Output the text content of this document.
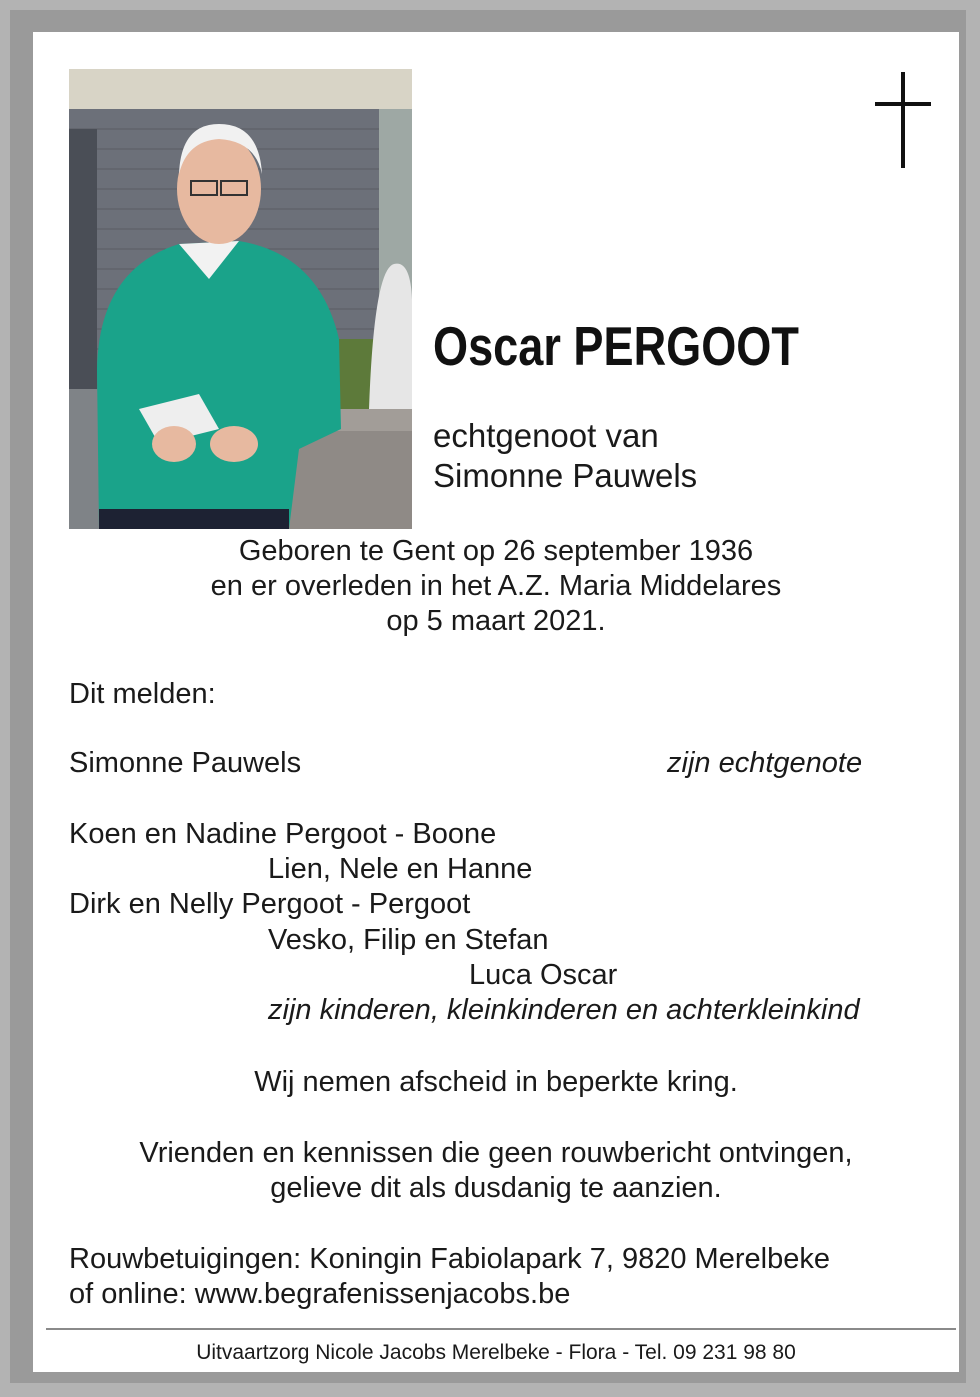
Oscar PERGOOT
echtgenoot van
Simonne Pauwels
Geboren te Gent op 26 september 1936
en er overleden in het A.Z. Maria Middelares
op 5 maart 2021.
Dit melden:
Simonne Pauwels	zijn echtgenote
Koen en Nadine Pergoot - Boone
Lien, Nele en Hanne
Dirk en Nelly Pergoot - Pergoot
Vesko, Filip en Stefan
Luca Oscar
zijn kinderen, kleinkinderen en achterkleinkind
Wij nemen afscheid in beperkte kring.
Vrienden en kennissen die geen rouwbericht ontvingen,
gelieve dit als dusdanig te aanzien.
Rouwbetuigingen: Koningin Fabiolapark 7, 9820 Merelbeke
of online: www.begrafenissenjacobs.be
Uitvaartzorg Nicole Jacobs Merelbeke - Flora - Tel. 09 231 98 80
